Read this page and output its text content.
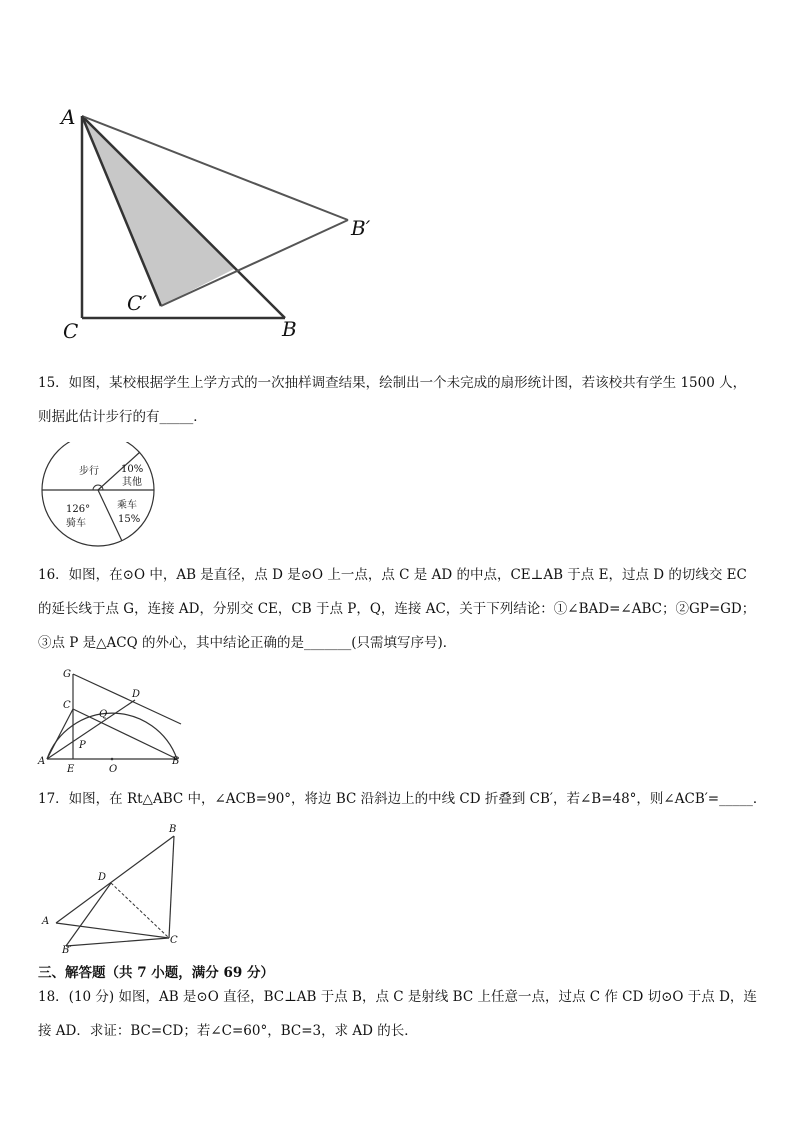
A
B′
C′
C	B

15．如图，某校根据学生上学方式的一次抽样调查结果，绘制出一个未完成的扇形统计图，若该校共有学生 1500 人，

则据此估计步行的有_____．

步行 10%
其他
126°
骑车
乘车
15%

16．如图，在⊙O 中，AB 是直径，点 D 是⊙O 上一点，点 C 是 AD 的中点，CE⊥AB 于点 E，过点 D 的切线交 EC

的延长线于点 G，连接 AD，分别交 CE，CB 于点 P，Q，连接 AC，关于下列结论：①∠BAD=∠ABC；②GP=GD；

③点 P 是△ACQ 的外心，其中结论正确的是_______(只需填写序号)．

G
D
C
Q
P
A
E	O
B

17．如图，在 Rt△ABC 中，∠ACB=90°，将边 BC 沿斜边上的中线 CD 折叠到 CB′，若∠B=48°，则∠ACB′=_____．

B
D
A
C
B′
三、解答题（共 7 小题，满分 69 分）

18．(10 分) 如图，AB 是⊙O 直径，BC⊥AB 于点 B，点 C 是射线 BC 上任意一点，过点 C 作 CD 切⊙O 于点 D，连

接 AD．求证：BC=CD；若∠C=60°，BC=3，求 AD 的长．
